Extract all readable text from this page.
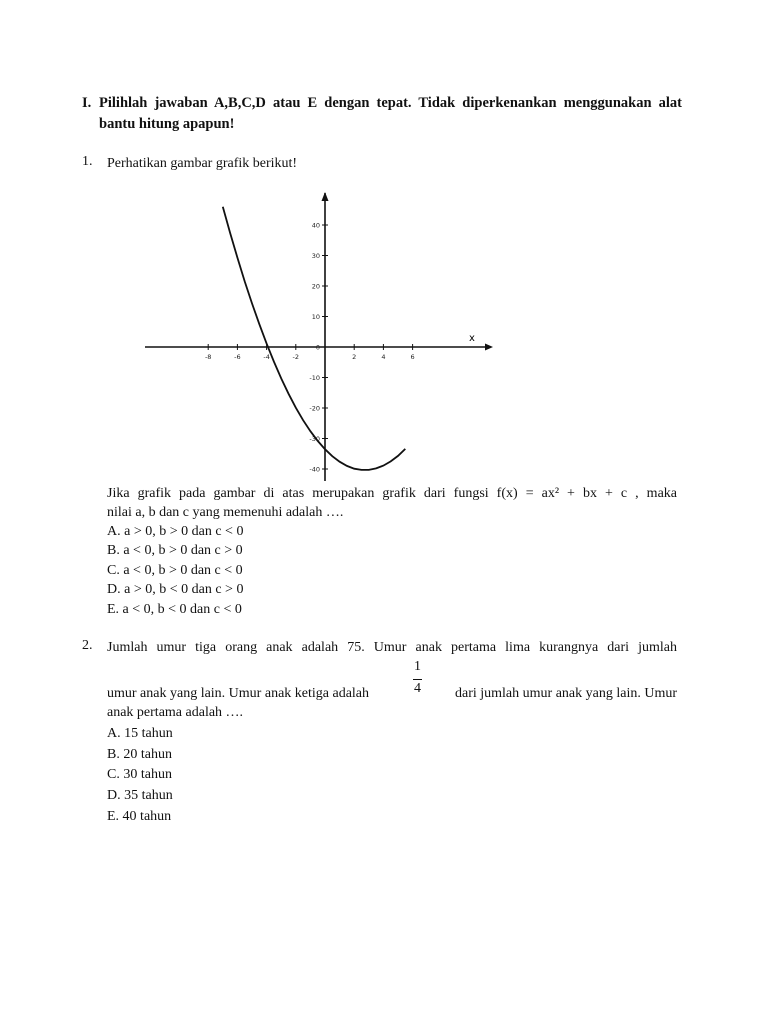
I. Pilihlah jawaban A,B,C,D atau E dengan tepat. Tidak diperkenankan menggunakan alat bantu hitung apapun!
1. Perhatikan gambar grafik berikut!
-8	-6	-4	-2	2	4	6
40
30
20
10
0
-10
-20
-30
-40
x
Jika grafik pada gambar di atas merupakan grafik dari fungsi f(x) = ax² + bx + c , maka
nilai a, b dan c yang memenuhi adalah ….
A. a > 0, b > 0 dan c < 0
B. a < 0, b > 0 dan c > 0
C. a < 0, b > 0 dan c < 0
D. a > 0, b < 0 dan c > 0
E. a < 0, b < 0 dan c < 0
2. Jumlah umur tiga orang anak adalah 75. Umur anak pertama lima kurangnya dari jumlah
1
4
umur anak yang lain. Umur anak ketiga adalah	dari jumlah umur anak yang lain. Umur
anak pertama adalah ….
A. 15 tahun
B. 20 tahun
C. 30 tahun
D. 35 tahun
E. 40 tahun
